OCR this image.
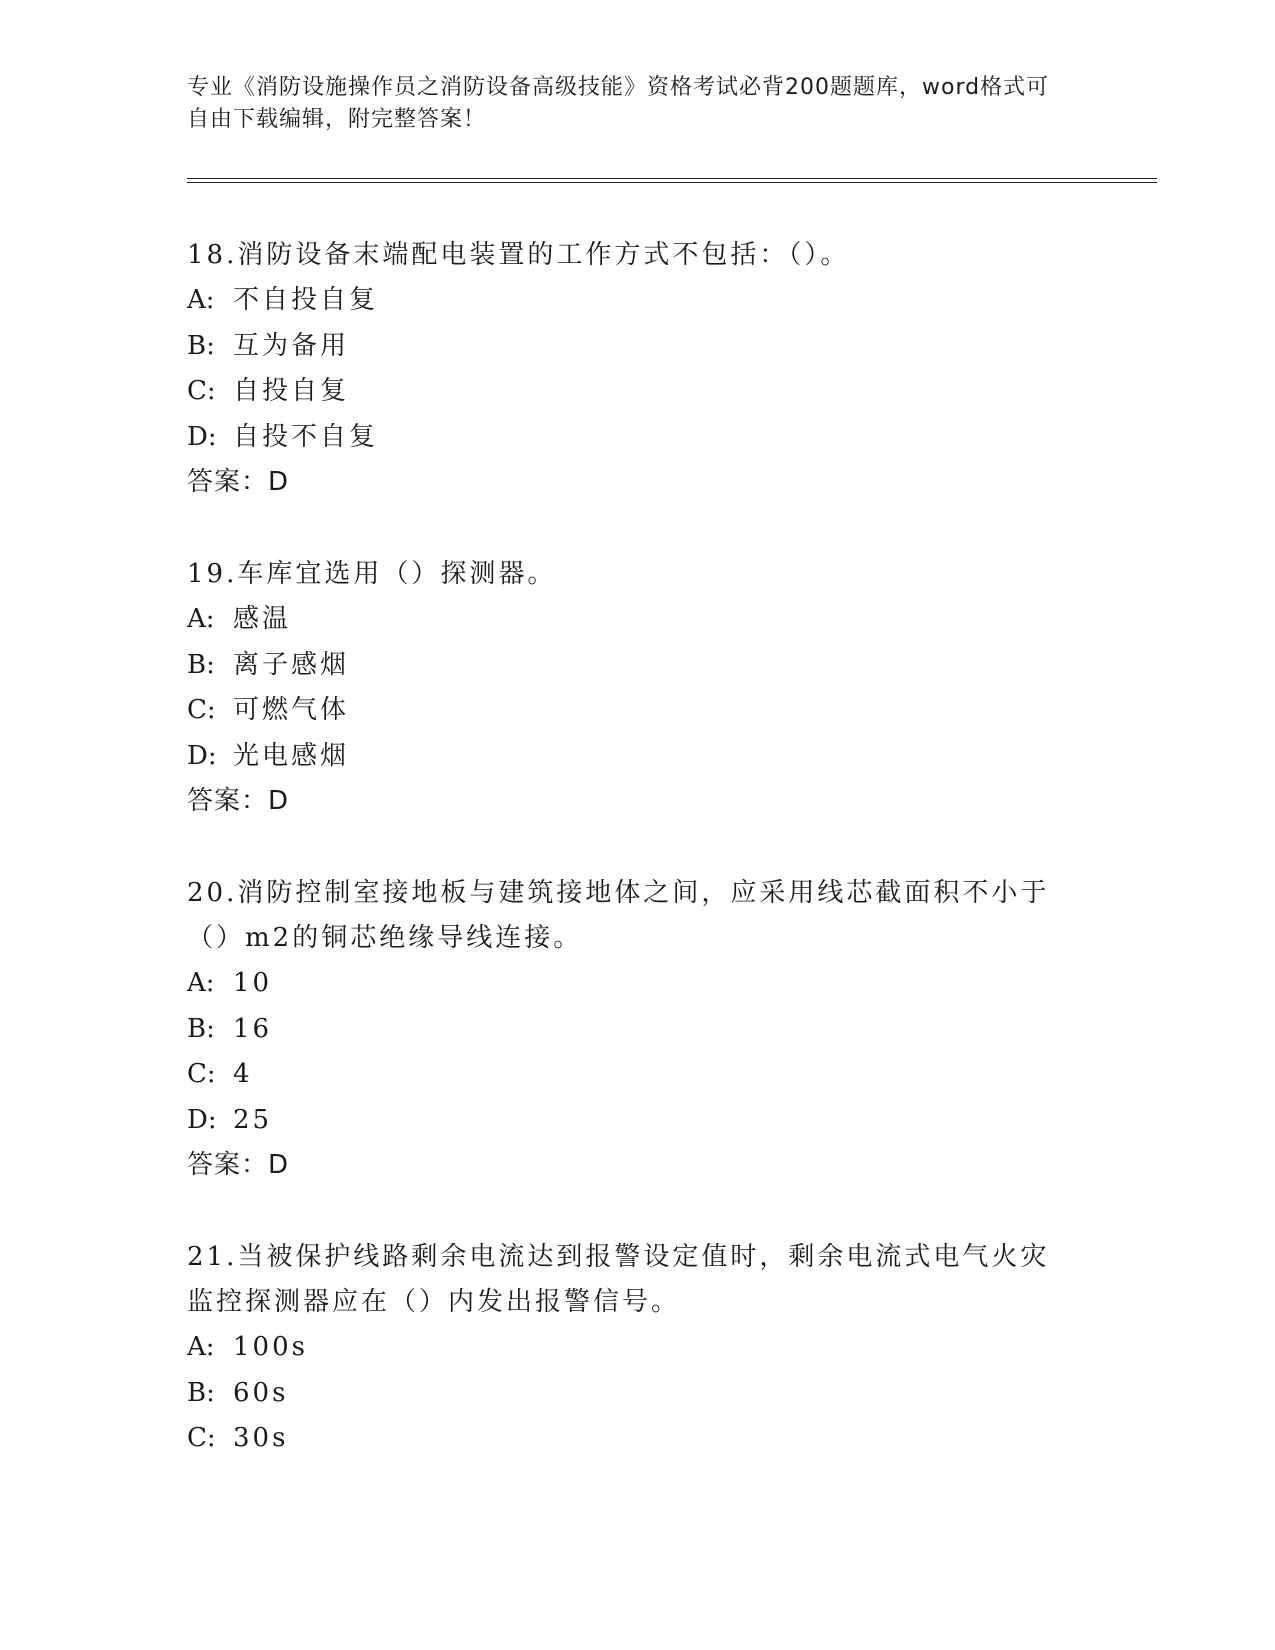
专业《消防设施操作员之消防设备高级技能》资格考试必背200题题库，word格式可自由下载编辑，附完整答案！

18.消防设备末端配电装置的工作方式不包括：（）。

A: 不自投自复

B: 互为备用

C: 自投自复

D: 自投不自复

答案：D

19.车库宜选用（）探测器。

A: 感温

B: 离子感烟

C: 可燃气体

D: 光电感烟

答案：D

20.消防控制室接地板与建筑接地体之间，应采用线芯截面积不小于（）m2的铜芯绝缘导线连接。

A: 10

B: 16

C: 4

D: 25

答案：D

21.当被保护线路剩余电流达到报警设定值时，剩余电流式电气火灾监控探测器应在（）内发出报警信号。

A: 100s

B: 60s

C: 30s
